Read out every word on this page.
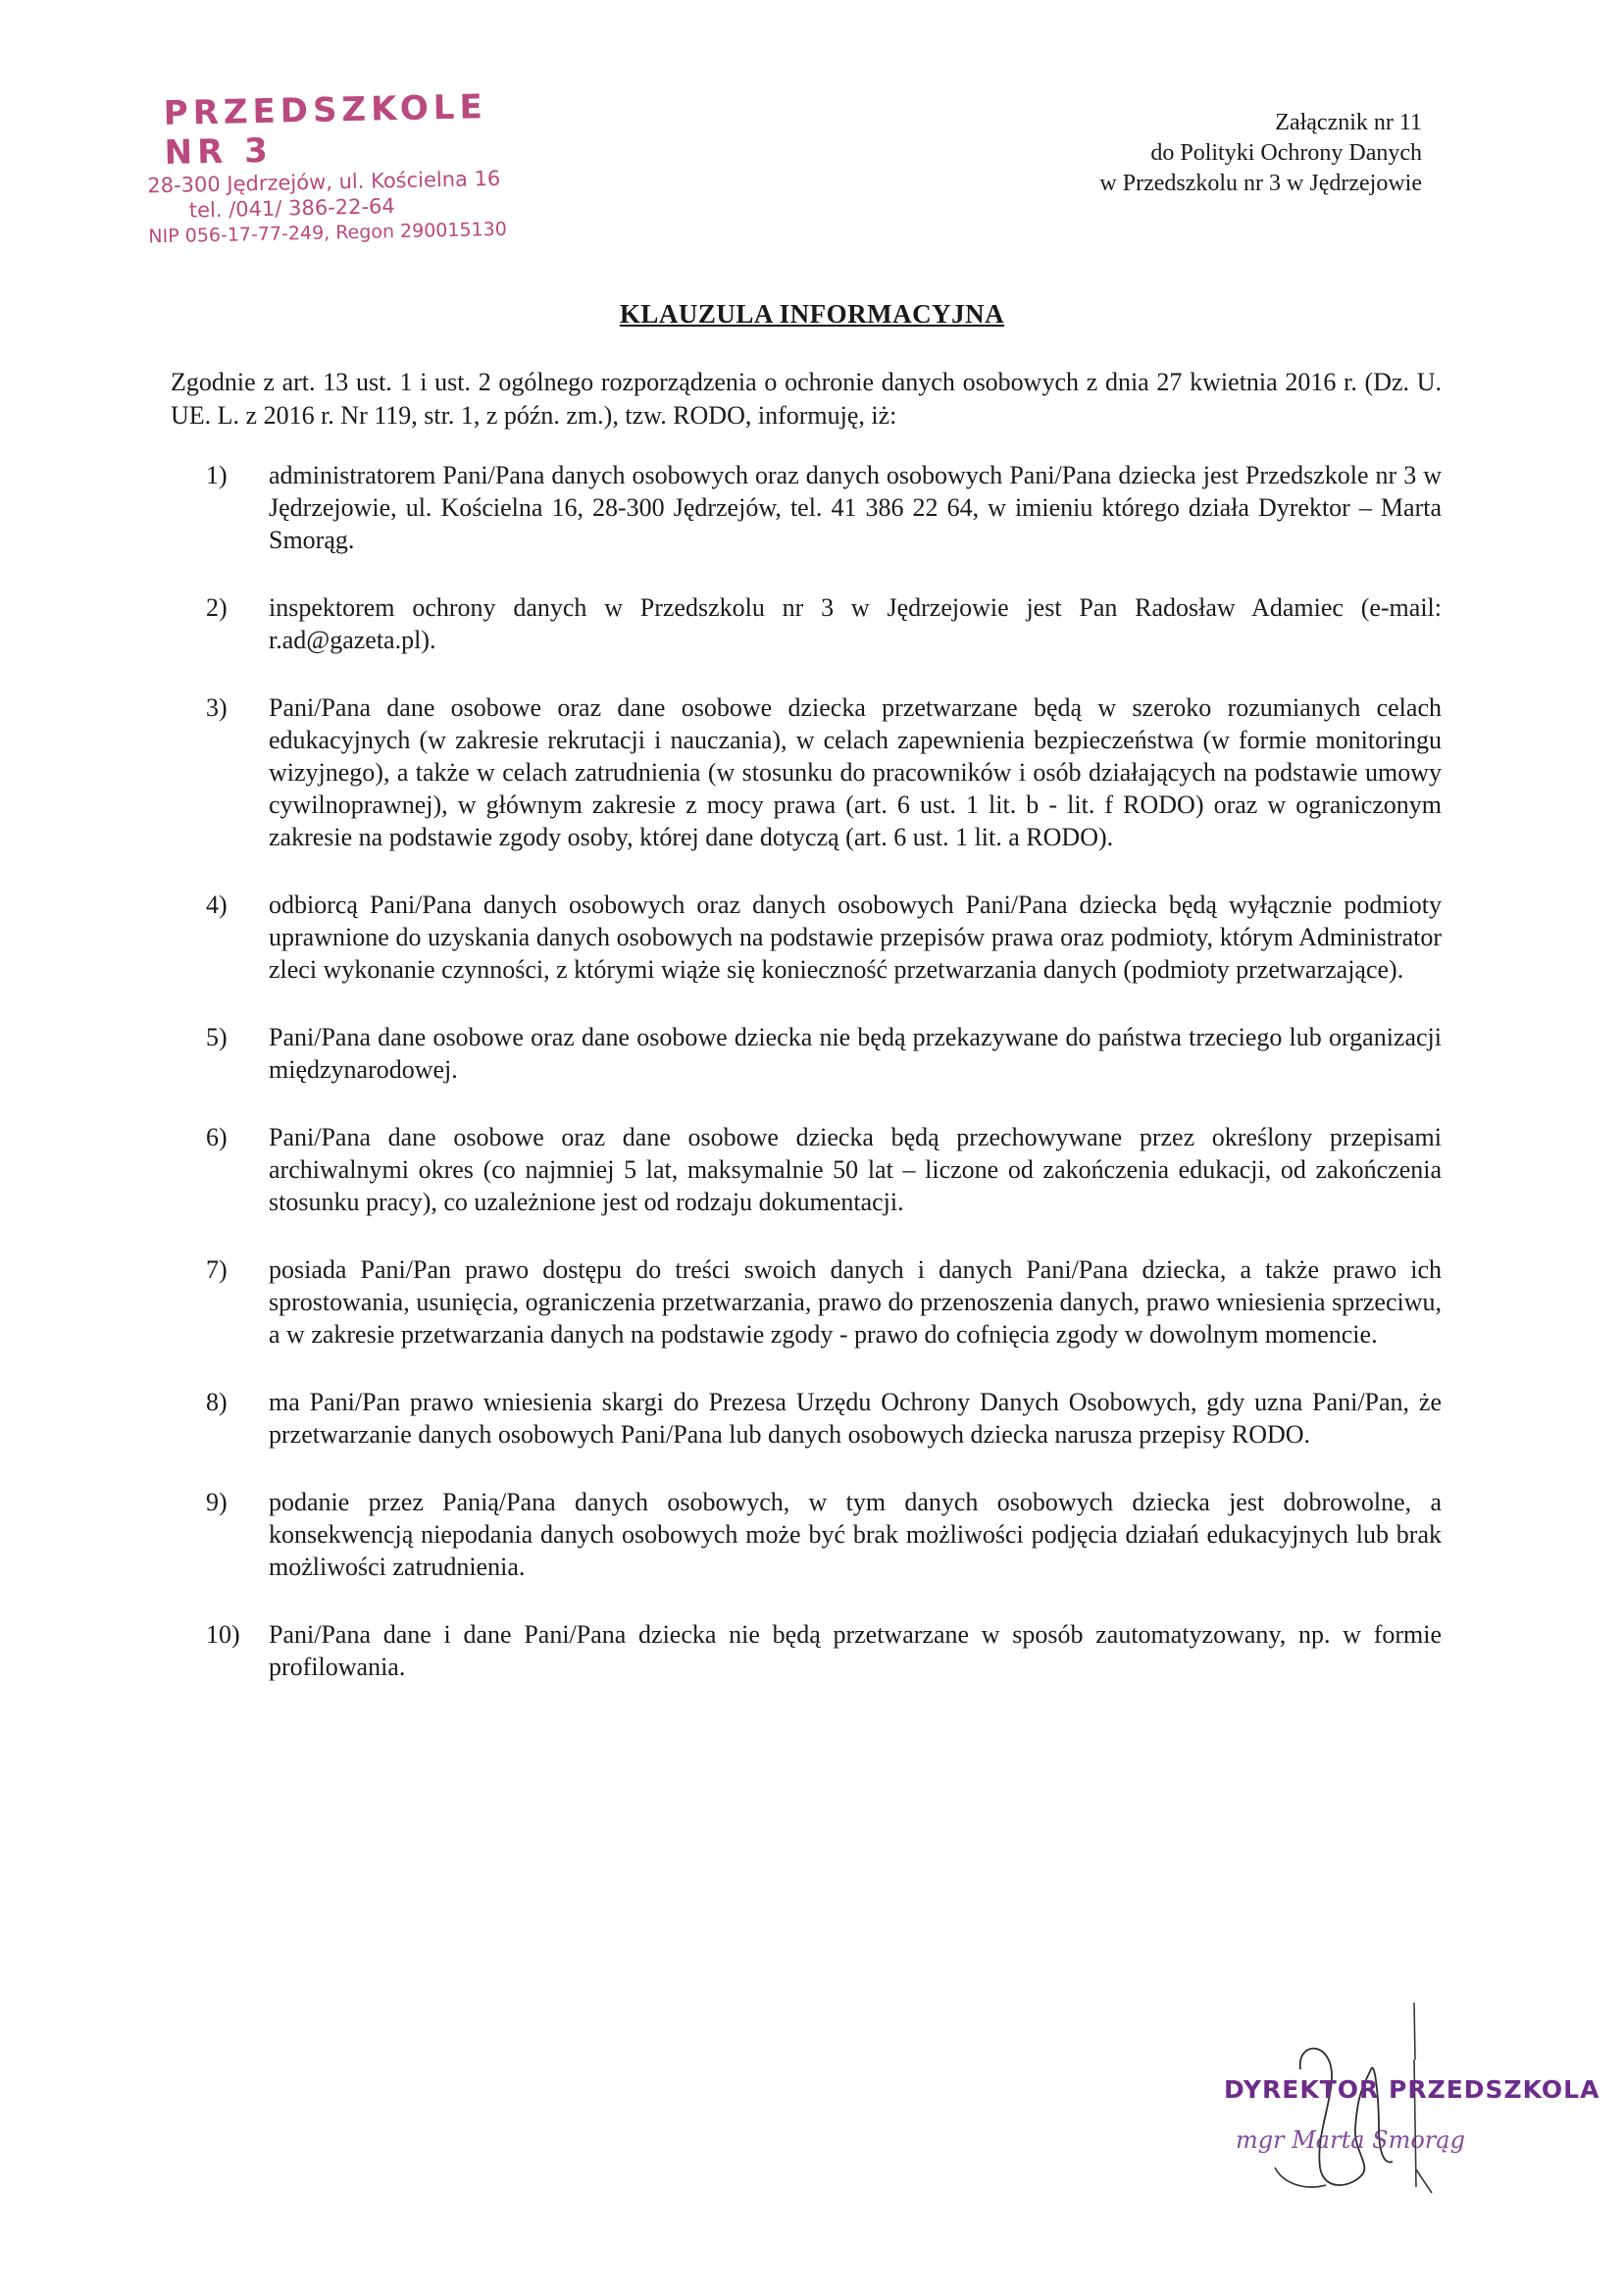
PRZEDSZKOLE NR 3
28-300 Jędrzejów, ul. Kościelna 16
tel. /041/ 386-22-64
NIP 056-17-77-249, Regon 290015130
Załącznik nr 11
do Polityki Ochrony Danych
w Przedszkolu nr 3 w Jędrzejowie
KLAUZULA INFORMACYJNA
Zgodnie z art. 13 ust. 1 i ust. 2 ogólnego rozporządzenia o ochronie danych osobowych z dnia 27 kwietnia 2016 r. (Dz. U. UE. L. z 2016 r. Nr 119, str. 1, z późn. zm.), tzw. RODO, informuję, iż:
1)	administratorem Pani/Pana danych osobowych oraz danych osobowych Pani/Pana dziecka jest Przedszkole nr 3 w Jędrzejowie, ul. Kościelna 16, 28-300 Jędrzejów, tel. 41 386 22 64, w imieniu którego działa Dyrektor – Marta Smorąg.
2)	inspektorem ochrony danych w Przedszkolu nr 3 w Jędrzejowie jest Pan Radosław Adamiec (e-mail: r.ad@gazeta.pl).
3)	Pani/Pana dane osobowe oraz dane osobowe dziecka przetwarzane będą w szeroko rozumianych celach edukacyjnych (w zakresie rekrutacji i nauczania), w celach zapewnienia bezpieczeństwa (w formie monitoringu wizyjnego), a także w celach zatrudnienia (w stosunku do pracowników i osób działających na podstawie umowy cywilnoprawnej), w głównym zakresie z mocy prawa (art. 6 ust. 1 lit. b - lit. f RODO) oraz w ograniczonym zakresie na podstawie zgody osoby, której dane dotyczą (art. 6 ust. 1 lit. a RODO).
4)	odbiorcą Pani/Pana danych osobowych oraz danych osobowych Pani/Pana dziecka będą wyłącznie podmioty uprawnione do uzyskania danych osobowych na podstawie przepisów prawa oraz podmioty, którym Administrator zleci wykonanie czynności, z którymi wiąże się konieczność przetwarzania danych (podmioty przetwarzające).
5)	Pani/Pana dane osobowe oraz dane osobowe dziecka nie będą przekazywane do państwa trzeciego lub organizacji międzynarodowej.
6)	Pani/Pana dane osobowe oraz dane osobowe dziecka będą przechowywane przez określony przepisami archiwalnymi okres (co najmniej 5 lat, maksymalnie 50 lat – liczone od zakończenia edukacji, od zakończenia stosunku pracy), co uzależnione jest od rodzaju dokumentacji.
7)	posiada Pani/Pan prawo dostępu do treści swoich danych i danych Pani/Pana dziecka, a także prawo ich sprostowania, usunięcia, ograniczenia przetwarzania, prawo do przenoszenia danych, prawo wniesienia sprzeciwu, a w zakresie przetwarzania danych na podstawie zgody - prawo do cofnięcia zgody w dowolnym momencie.
8)	ma Pani/Pan prawo wniesienia skargi do Prezesa Urzędu Ochrony Danych Osobowych, gdy uzna Pani/Pan, że przetwarzanie danych osobowych Pani/Pana lub danych osobowych dziecka narusza przepisy RODO.
9)	podanie przez Panią/Pana danych osobowych, w tym danych osobowych dziecka jest dobrowolne, a konsekwencją niepodania danych osobowych może być brak możliwości podjęcia działań edukacyjnych lub brak możliwości zatrudnienia.
10)	Pani/Pana dane i dane Pani/Pana dziecka nie będą przetwarzane w sposób zautomatyzowany, np. w formie profilowania.
DYREKTOR PRZEDSZKOLA
mgr Marta Smorąg
